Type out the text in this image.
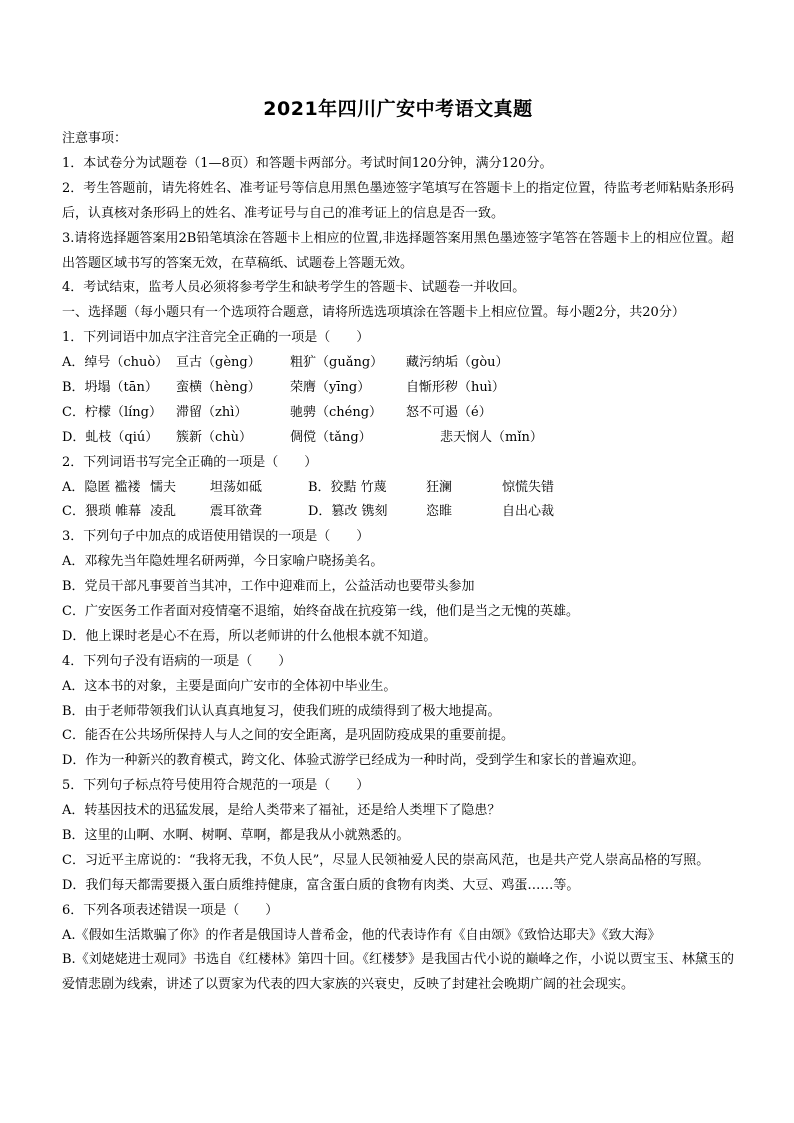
2021年四川广安中考语文真题
注意事项：
1．本试卷分为试题卷（1—8页）和答题卡两部分。考试时间120分钟，满分120分。
2．考生答题前，请先将姓名、准考证号等信息用黑色墨迹签字笔填写在答题卡上的指定位置，待监考老师粘贴条形码后，认真核对条形码上的姓名、准考证号与自己的准考证上的信息是否一致。
3.请将选择题答案用2B铅笔填涂在答题卡上相应的位置,非选择题答案用黑色墨迹签字笔答在答题卡上的相应位置。超出答题区域书写的答案无效，在草稿纸、试题卷上答题无效。
4．考试结束，监考人员必须将参考学生和缺考学生的答题卡、试题卷一并收回。
一、选择题（每小题只有一个选项符合题意，请将所选选项填涂在答题卡上相应位置。每小题2分，共20分）
1．下列词语中加点字注音完全正确的一项是（　　）
A．绰号（chuò） 亘古（gèng）	粗犷（guǎng）	藏污纳垢（gòu）
B．坍塌（tān）	蛮横（hèng）	荣膺（yīng）	自惭形秽（huì）
C．柠檬（líng）	滞留（zhì）	驰骋（chéng）	怒不可遏（é）
D．虬枝（qiú）	簇新（chù）	倜傥（tǎng）	悲天悯人（mǐn）
2．下列词语书写完全正确的一项是（　　）
A．隐匿 褴褛 懦夫	坦荡如砥	B．狡黠 竹蔑	狂澜	惊慌失错
C．猥琐 帷幕 凌乱	震耳欲聋	D．篡改 镌刻	恣睢	自出心裁
3．下列句子中加点的成语使用错误的一项是（　　）
A．邓稼先当年隐姓埋名研两弹，今日家喻户晓扬美名。
B．党员干部凡事要首当其冲，工作中迎难而上，公益活动也要带头参加
C．广安医务工作者面对疫情毫不退缩，始终奋战在抗疫第一线，他们是当之无愧的英雄。
D．他上课时老是心不在焉，所以老师讲的什么他根本就不知道。
4．下列句子没有语病的一项是（　　）
A．这本书的对象，主要是面向广安市的全体初中毕业生。
B．由于老师带领我们认认真真地复习，使我们班的成绩得到了极大地提高。
C．能否在公共场所保持人与人之间的安全距离，是巩固防疫成果的重要前提。
D．作为一种新兴的教育模式，跨文化、体验式游学已经成为一种时尚，受到学生和家长的普遍欢迎。
5．下列句子标点符号使用符合规范的一项是（　　）
A．转基因技术的迅猛发展，是给人类带来了福祉，还是给人类埋下了隐患？
B．这里的山啊、水啊、树啊、草啊，都是我从小就熟悉的。
C．习近平主席说的：“我将无我，不负人民”，尽显人民领袖爱人民的崇高风范，也是共产党人崇高品格的写照。
D．我们每天都需要摄入蛋白质维持健康，富含蛋白质的食物有肉类、大豆、鸡蛋……等。
6．下列各项表述错误一项是（　　）
A.《假如生活欺骗了你》的作者是俄国诗人普希金，他的代表诗作有《自由颂》《致恰达耶夫》《致大海》
B.《刘姥姥进士观同》书选自《红楼林》第四十回。《红楼梦》是我国古代小说的巅峰之作，小说以贾宝玉、林黛玉的爱情悲剧为线索，讲述了以贾家为代表的四大家族的兴衰史，反映了封建社会晚期广阔的社会现实。
